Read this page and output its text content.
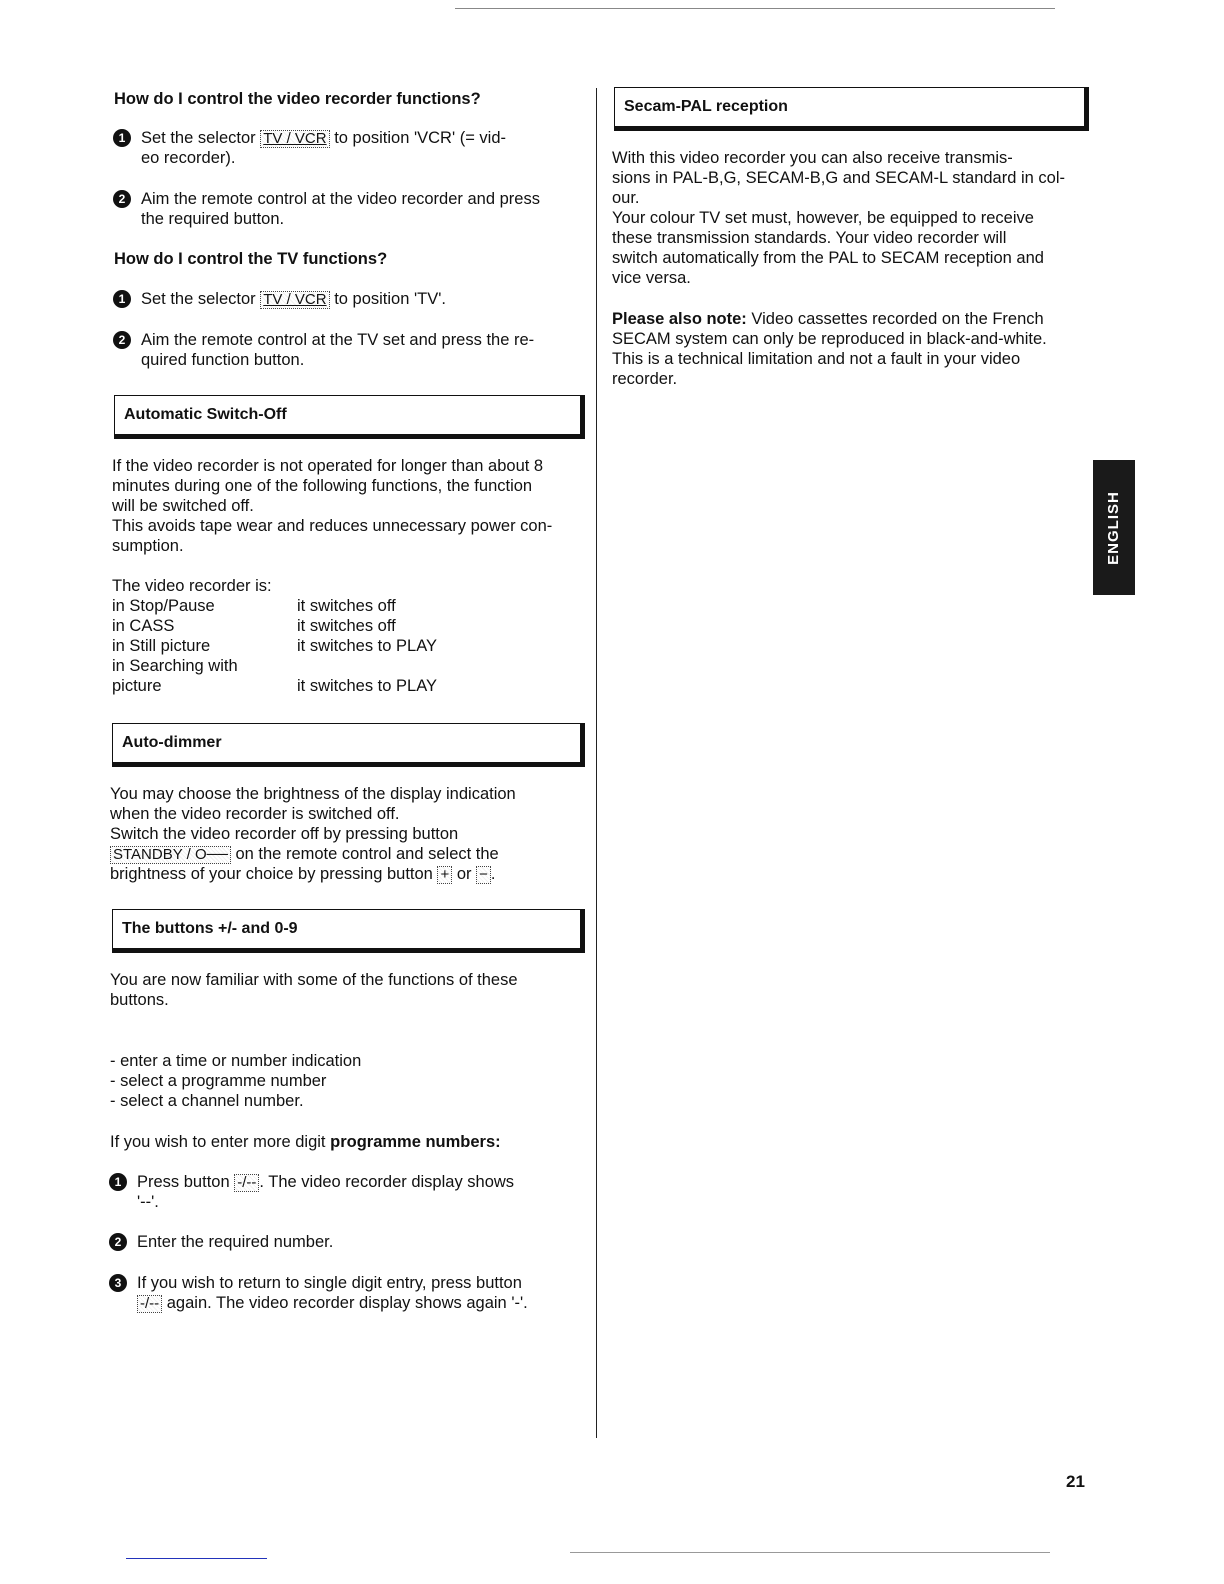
How do I control the video recorder functions?

1 Set the selector TV / VCR to position 'VCR' (= vid-
eo recorder).
2 Aim the remote control at the video recorder and press
the required button.

How do I control the TV functions?

1 Set the selector TV / VCR to position 'TV'.
2 Aim the remote control at the TV set and press the re-
quired function button.
Automatic Switch-Off
If the video recorder is not operated for longer than about 8
minutes during one of the following functions, the function
will be switched off.
This avoids tape wear and reduces unnecessary power con-
sumption.
The video recorder is:
in Stop/Pause	it switches off
in CASS	it switches off
in Still picture	it switches to PLAY
in Searching with
picture	it switches to PLAY
Auto-dimmer
You may choose the brightness of the display indication
when the video recorder is switched off.
Switch the video recorder off by pressing button
STANDBY / O── on the remote control and select the
brightness of your choice by pressing button + or − .
The buttons +/- and 0-9
You are now familiar with some of the functions of these
buttons.
- enter a time or number indication
- select a programme number
- select a channel number.
If you wish to enter more digit programme numbers:
1 Press button -/-- . The video recorder display shows
'--'.
2 Enter the required number.
3 If you wish to return to single digit entry, press button
-/-- again. The video recorder display shows again '-'.
Secam-PAL reception
With this video recorder you can also receive transmis-
sions in PAL-B,G, SECAM-B,G and SECAM-L standard in col-
our.
Your colour TV set must, however, be equipped to receive
these transmission standards. Your video recorder will
switch automatically from the PAL to SECAM reception and
vice versa.
Please also note: Video cassettes recorded on the French
SECAM system can only be reproduced in black-and-white.
This is a technical limitation and not a fault in your video
recorder.
ENGLISH
21
